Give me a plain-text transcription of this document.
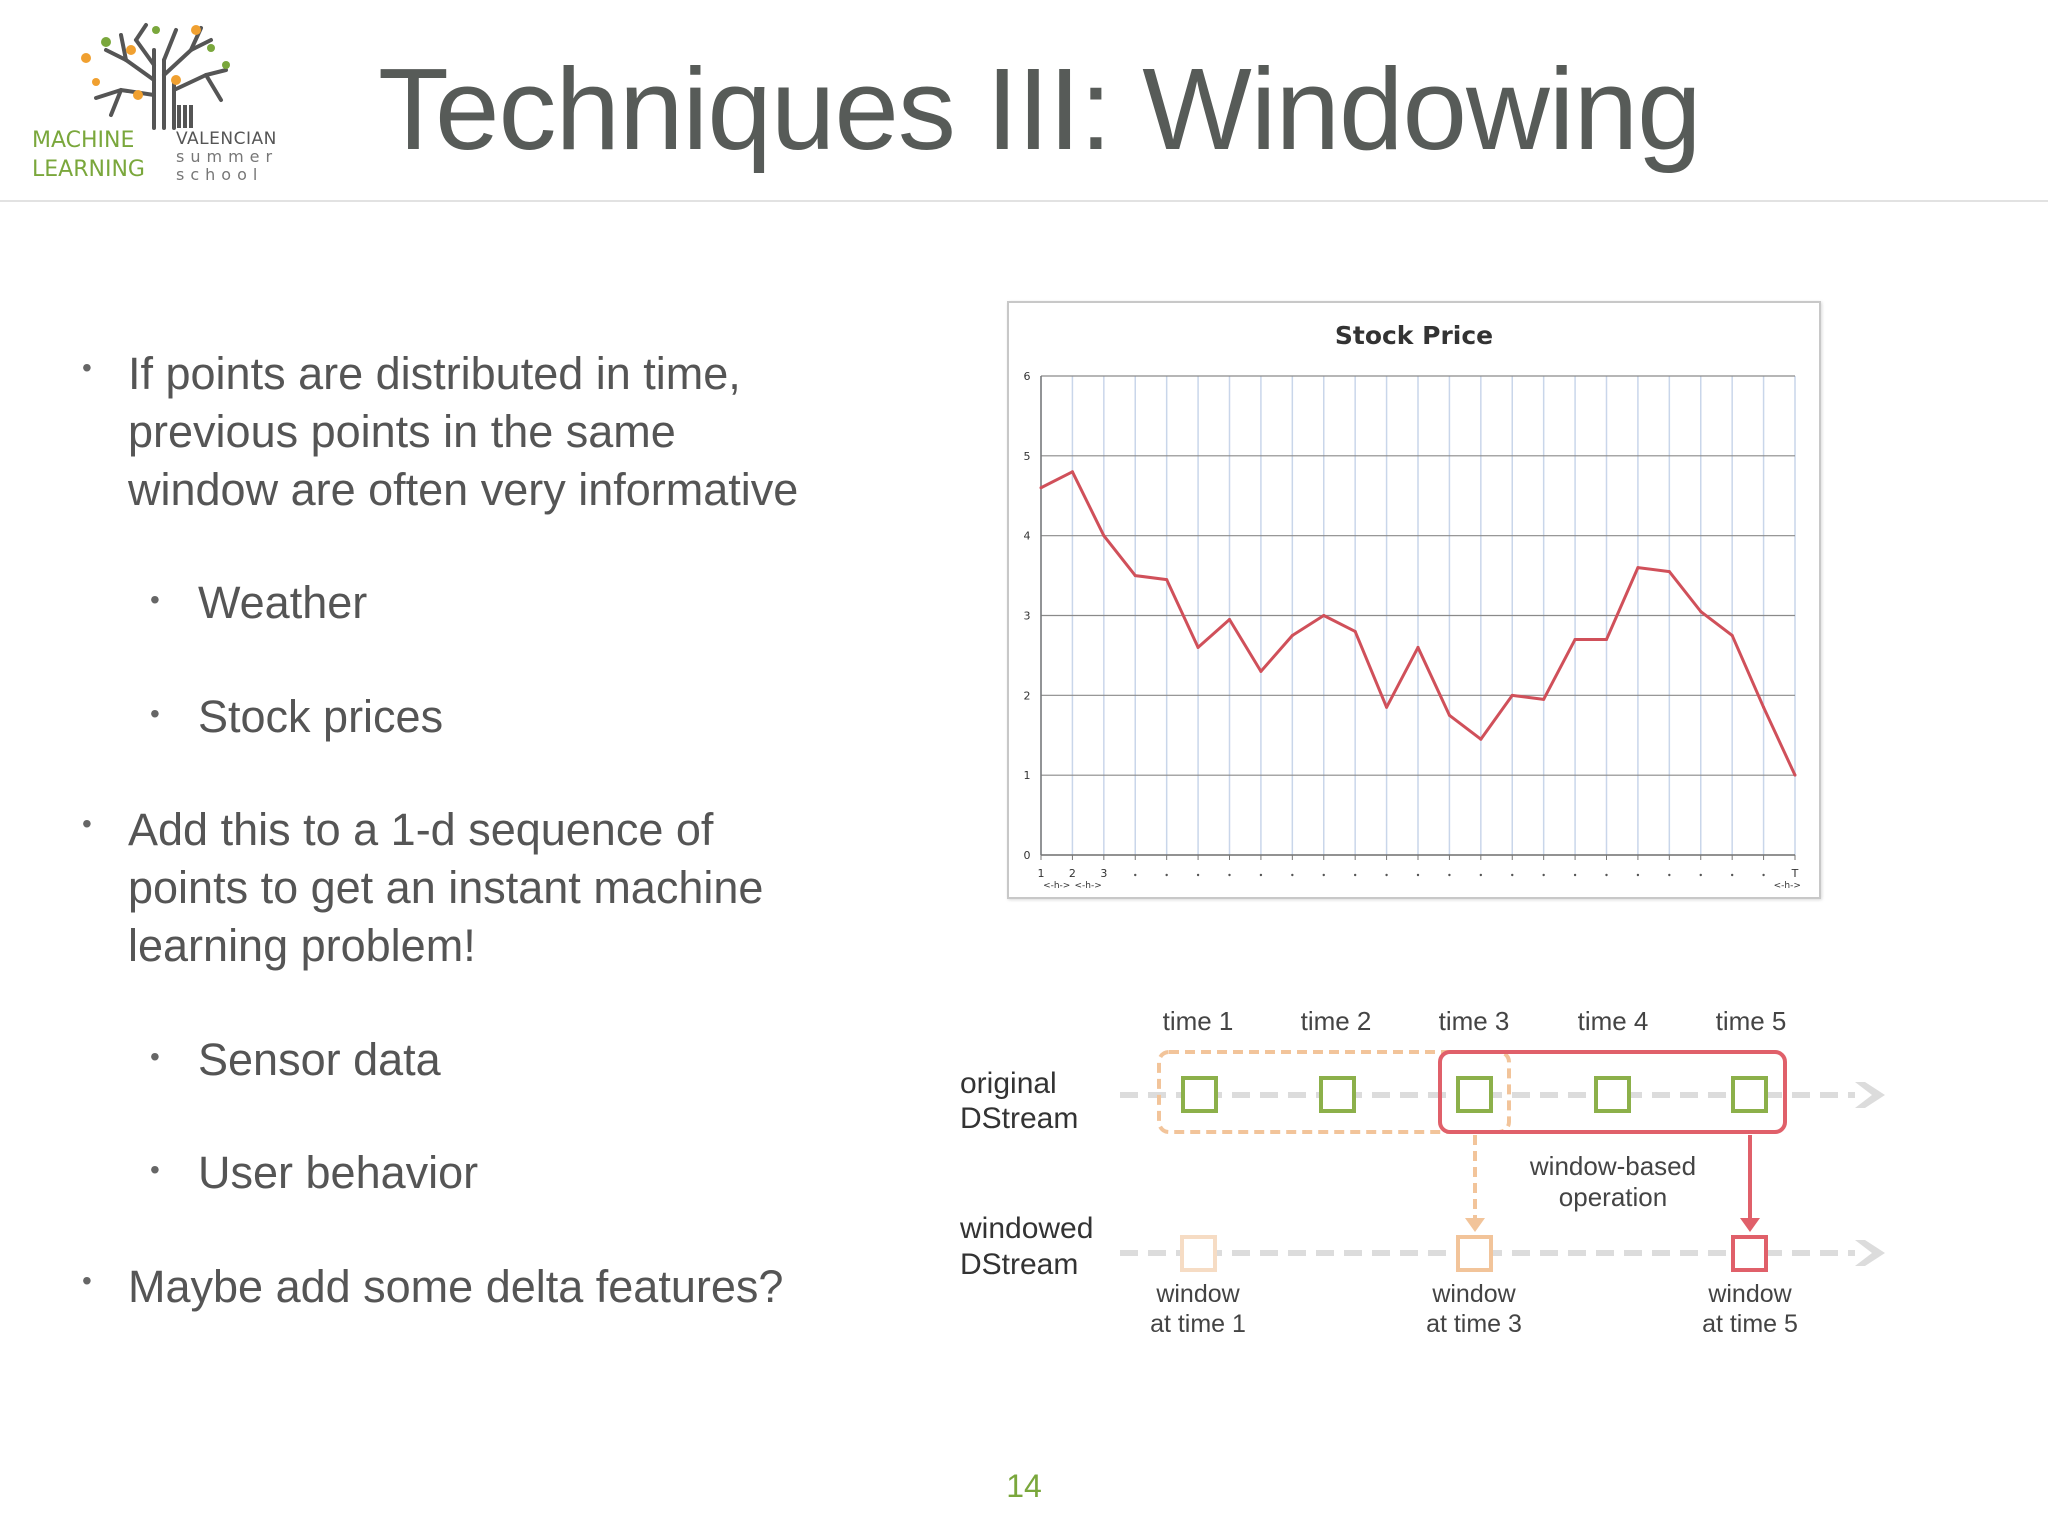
MACHINE
LEARNING
VALENCIAN
summer
school
Techniques III: Windowing
• If points are distributed in time,
previous points in the same
window are often very informative
• Weather
• Stock prices
• Add this to a 1-d sequence of
points to get an instant machine
learning problem!
• Sensor data
• User behavior
• Maybe add some delta features?
Stock Price
0
1
2
3
4
5
6
1 2 3	T
<-h-> <-h->	<-h->
time 1	time 2	time 3	time 4	time 5
original
DStream
windowed
DStream
window-based
operation
window
at time 1
window
at time 3
window
at time 5
14
